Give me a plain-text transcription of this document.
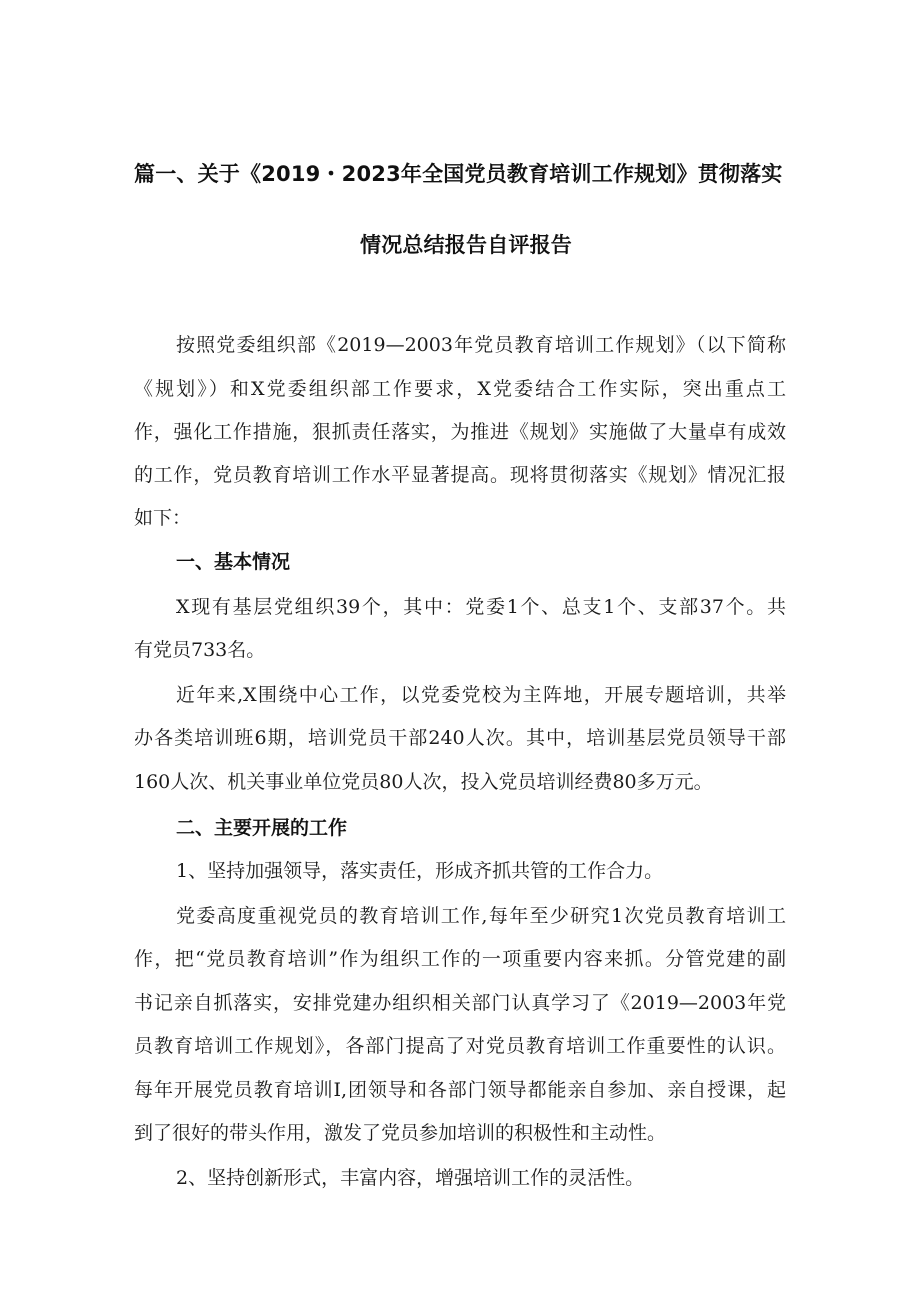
篇一、关于《2019・2023年全国党员教育培训工作规划》贯彻落实
情况总结报告自评报告
按照党委组织部《2019—2003年党员教育培训工作规划》（以下简称
《规划》）和X党委组织部工作要求，X党委结合工作实际，突出重点工
作，强化工作措施，狠抓责任落实，为推进《规划》实施做了大量卓有成效
的工作，党员教育培训工作水平显著提高。现将贯彻落实《规划》情况汇报
如下：
一、基本情况
X现有基层党组织39个，其中：党委1个、总支1个、支部37个。共
有党员733名。
近年来,X围绕中心工作，以党委党校为主阵地，开展专题培训，共举
办各类培训班6期，培训党员干部240人次。其中，培训基层党员领导干部
160人次、机关事业单位党员80人次，投入党员培训经费80多万元。
二、主要开展的工作
1、坚持加强领导，落实责任，形成齐抓共管的工作合力。
党委高度重视党员的教育培训工作,每年至少研究1次党员教育培训工
作，把“党员教育培训”作为组织工作的一项重要内容来抓。分管党建的副
书记亲自抓落实，安排党建办组织相关部门认真学习了《2019—2003年党
员教育培训工作规划》，各部门提高了对党员教育培训工作重要性的认识。
每年开展党员教育培训I,团领导和各部门领导都能亲自参加、亲自授课，起
到了很好的带头作用，激发了党员参加培训的积极性和主动性。
2、坚持创新形式，丰富内容，增强培训工作的灵活性。
